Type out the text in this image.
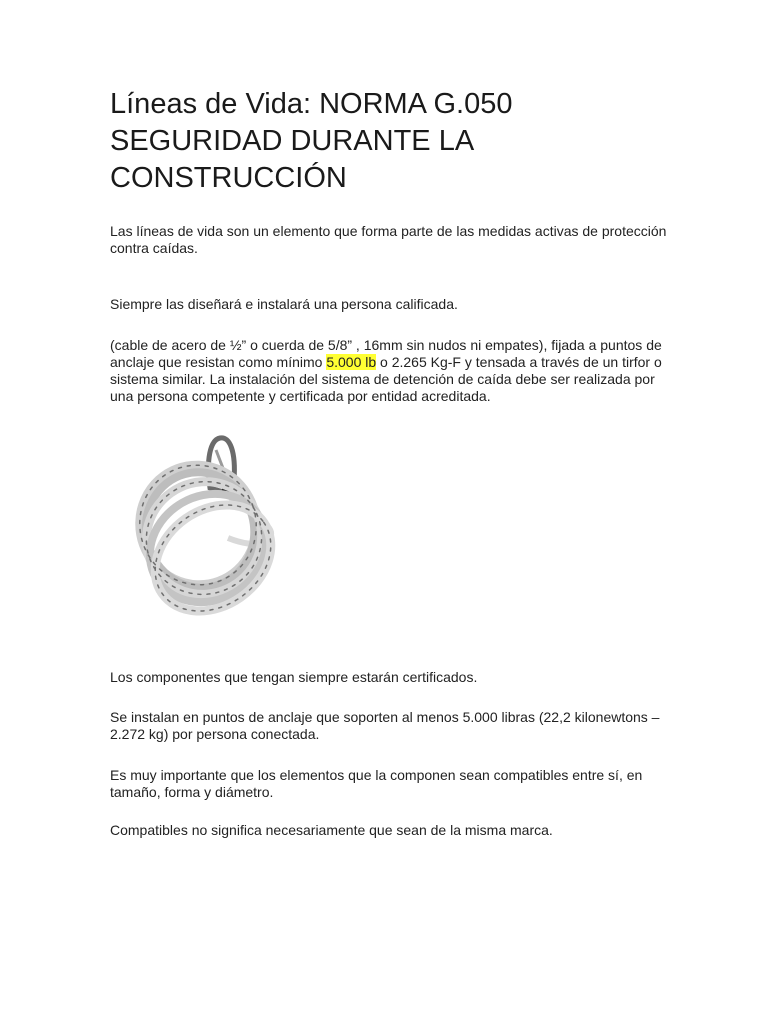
Líneas de Vida: NORMA G.050 SEGURIDAD DURANTE LA CONSTRUCCIÓN

Las líneas de vida son un elemento que forma parte de las medidas activas de protección contra caídas.

Siempre las diseñará e instalará una persona calificada.

(cable de acero de ½” o cuerda de 5/8” , 16mm sin nudos ni empates), fijada a puntos de anclaje que resistan como mínimo 5.000 lb o 2.265 Kg-F y tensada a través de un tirfor o sistema similar. La instalación del sistema de detención de caída debe ser realizada por una persona competente y certificada por entidad acreditada.

Los componentes que tengan siempre estarán certificados.

Se instalan en puntos de anclaje que soporten al menos 5.000 libras (22,2 kilonewtons – 2.272 kg) por persona conectada.

Es muy importante que los elementos que la componen sean compatibles entre sí, en tamaño, forma y diámetro.

Compatibles no significa necesariamente que sean de la misma marca.
